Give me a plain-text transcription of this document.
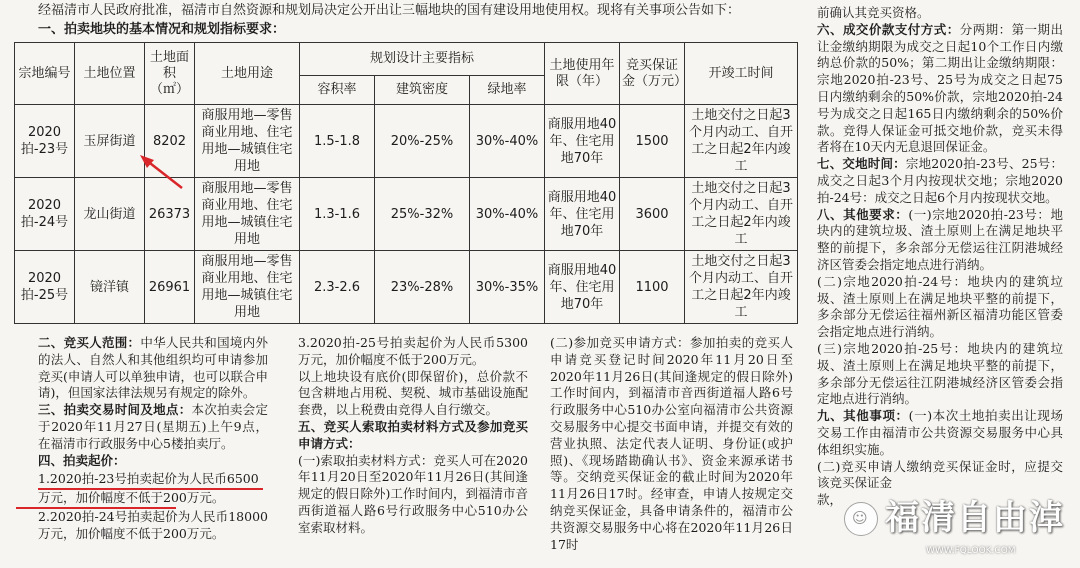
经福清市人民政府批准，福清市自然资源和规划局决定公开出让三幅地块的国有建设用地使用权。现将有关事项公告如下：
一、拍卖地块的基本情况和规划指标要求：
宗地编号	土地位置	土地面积（㎡）	土地用途	规划设计主要指标			土地使用年限（年）	竞买保证金（万元）	开竣工时间
				容积率	建筑密度	绿地率			
2020拍-23号	玉屏街道	8202	商服用地—零售商业用地、住宅用地—城镇住宅用地	1.5-1.8	20%-25%	30%-40%	商服用地40年、住宅用地70年	1500	土地交付之日起3个月内动工、自开工之日起2年内竣工
2020拍-24号	龙山街道	26373	商服用地—零售商业用地、住宅用地—城镇住宅用地	1.3-1.6	25%-32%	30%-40%	商服用地40年、住宅用地70年	3600	土地交付之日起3个月内动工、自开工之日起2年内竣工
2020拍-25号	镜洋镇	26961	商服用地—零售商业用地、住宅用地—城镇住宅用地	2.3-2.6	23%-28%	30%-35%	商服用地40年、住宅用地70年	1100	土地交付之日起3个月内动工、自开工之日起2年内竣工

二、竞买人范围：中华人民共和国境内外的法人、自然人和其他组织均可申请参加竞买(申请人可以单独申请，也可以联合申请)，但国家法律法规另有规定的除外。

三、拍卖交易时间及地点：本次拍卖会定于2020年11月27日(星期五)上午9点，在福清市行政服务中心5楼拍卖厅。

四、拍卖起价：

1.2020拍-23号拍卖起价为人民币6500

万元，加价幅度不低于200万元。

2.2020拍-24号拍卖起价为人民币18000万元，加价幅度不低于200万元。

3.2020拍-25号拍卖起价为人民币5300万元，加价幅度不低于200万元。

以上地块设有底价(即保留价)，总价款不包含耕地占用税、契税、城市基础设施配套费，以上税费由竞得人自行缴交。

五、竞买人索取拍卖材料方式及参加竞买申请方式：

(一)索取拍卖材料方式：竞买人可在2020年11月20日至2020年11月26日(其间逢规定的假日除外)工作时间内，到福清市音西街道福人路6号行政服务中心510办公室索取材料。

(二)参加竞买申请方式：参加拍卖的竞买人申请竞买登记时间2020年11月20日至2020年11月26日(其间逢规定的假日除外)工作时间内，到福清市音西街道福人路6号行政服务中心510办公室向福清市公共资源交易服务中心提交书面申请，并提交有效的营业执照、法定代表人证明、身份证(或护照)、《现场踏勘确认书》、资金来源承诺书等。交纳竞买保证金的截止时间为2020年11月26日17时。经审查，申请人按规定交纳竞买保证金，具备申请条件的，福清市公共资源交易服务中心将在2020年11月26日17时

前确认其竞买资格。

六、成交价款支付方式：分两期：第一期出让金缴纳期限为成交之日起10个工作日内缴纳总价款的50%；第二期出让金缴纳期限：宗地2020拍-23号、25号为成交之日起75日内缴纳剩余的50%价款，宗地2020拍-24号为成交之日起165日内缴纳剩余的50%价款。竞得人保证金可抵交地价款，竞买未得者将在10天内无息退回保证金。

七、交地时间：宗地2020拍-23号、25号：成交之日起3个月内按现状交地；宗地2020拍-24号：成交之日起6个月内按现状交地。

八、其他要求：(一)宗地2020拍-23号：地块内的建筑垃圾、渣土原则上在满足地块平整的前提下，多余部分无偿运往江阴港城经济区管委会指定地点进行消纳。

(二)宗地2020拍-24号：地块内的建筑垃圾、渣土原则上在满足地块平整的前提下，多余部分无偿运往福州新区福清功能区管委会指定地点进行消纳。

(三)宗地2020拍-25号：地块内的建筑垃圾、渣土原则上在满足地块平整的前提下，多余部分无偿运往江阴港城经济区管委会指定地点进行消纳。

九、其他事项：(一)本次土地拍卖出让现场交易工作由福清市公共资源交易服务中心具体组织实施。

(二)竞买申请人缴纳竞买保证金时，应提交该竞买保证金

款，

☺ 福清自由淖
WWW.FQLOOK.COM
